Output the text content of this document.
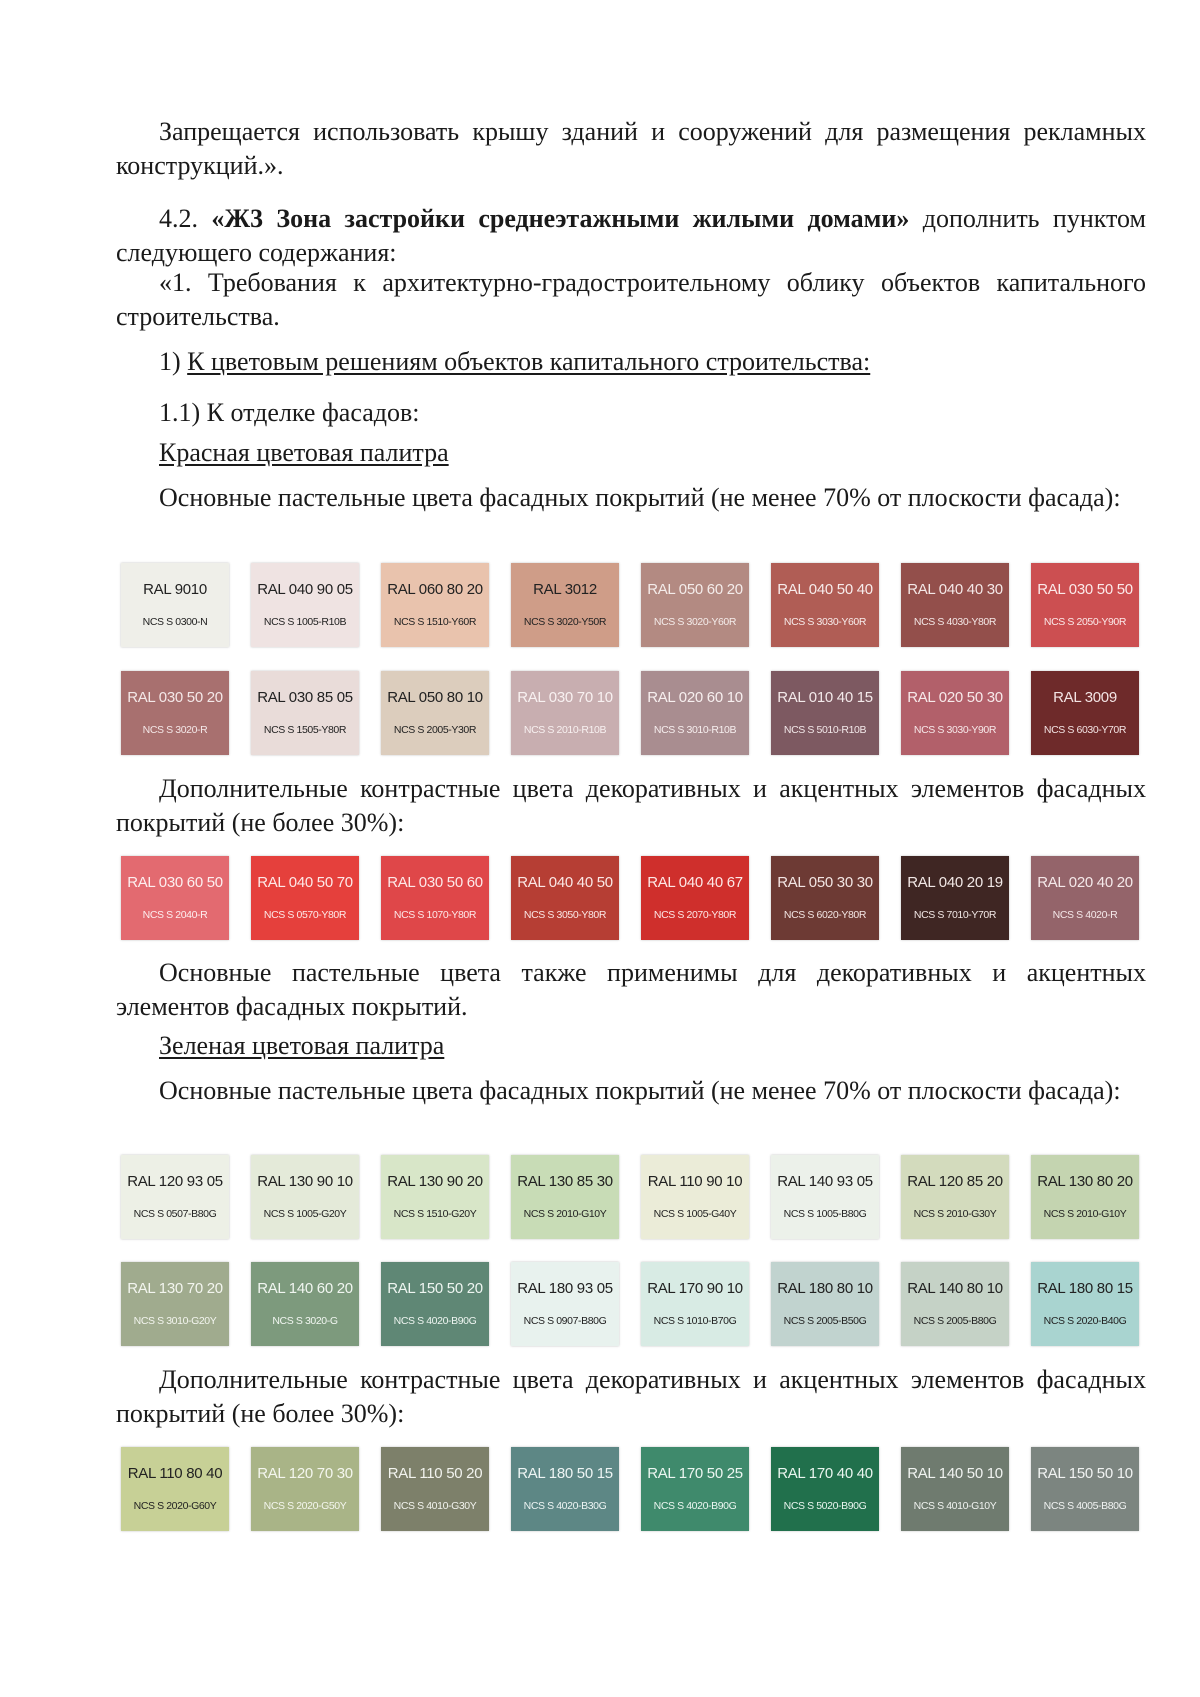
Запрещается использовать крышу зданий и сооружений для размещения рекламных конструкций.».

4.2. «Ж3 Зона застройки среднеэтажными жилыми домами» дополнить пунктом следующего содержания:

«1. Требования к архитектурно-градостроительному облику объектов капитального строительства.

1) К цветовым решениям объектов капитального строительства:

1.1) К отделке фасадов:

Красная цветовая палитра

Основные пастельные цвета фасадных покрытий (не менее 70% от плоскости фасада):

RAL 9010
NCS S 0300-N
RAL 040 90 05
NCS S 1005-R10B
RAL 060 80 20
NCS S 1510-Y60R
RAL 3012
NCS S 3020-Y50R
RAL 050 60 20
NCS S 3020-Y60R
RAL 040 50 40
NCS S 3030-Y60R
RAL 040 40 30
NCS S 4030-Y80R
RAL 030 50 50
NCS S 2050-Y90R
RAL 030 50 20
NCS S 3020-R
RAL 030 85 05
NCS S 1505-Y80R
RAL 050 80 10
NCS S 2005-Y30R
RAL 030 70 10
NCS S 2010-R10B
RAL 020 60 10
NCS S 3010-R10B
RAL 010 40 15
NCS S 5010-R10B
RAL 020 50 30
NCS S 3030-Y90R
RAL 3009
NCS S 6030-Y70R

Дополнительные контрастные цвета декоративных и акцентных элементов фасадных покрытий (не более 30%):

RAL 030 60 50
NCS S 2040-R
RAL 040 50 70
NCS S 0570-Y80R
RAL 030 50 60
NCS S 1070-Y80R
RAL 040 40 50
NCS S 3050-Y80R
RAL 040 40 67
NCS S 2070-Y80R
RAL 050 30 30
NCS S 6020-Y80R
RAL 040 20 19
NCS S 7010-Y70R
RAL 020 40 20
NCS S 4020-R

Основные пастельные цвета также применимы для декоративных и акцентных элементов фасадных покрытий.

Зеленая цветовая палитра

Основные пастельные цвета фасадных покрытий (не менее 70% от плоскости фасада):

RAL 120 93 05
NCS S 0507-B80G
RAL 130 90 10
NCS S 1005-G20Y
RAL 130 90 20
NCS S 1510-G20Y
RAL 130 85 30
NCS S 2010-G10Y
RAL 110 90 10
NCS S 1005-G40Y
RAL 140 93 05
NCS S 1005-B80G
RAL 120 85 20
NCS S 2010-G30Y
RAL 130 80 20
NCS S 2010-G10Y
RAL 130 70 20
NCS S 3010-G20Y
RAL 140 60 20
NCS S 3020-G
RAL 150 50 20
NCS S 4020-B90G
RAL 180 93 05
NCS S 0907-B80G
RAL 170 90 10
NCS S 1010-B70G
RAL 180 80 10
NCS S 2005-B50G
RAL 140 80 10
NCS S 2005-B80G
RAL 180 80 15
NCS S 2020-B40G

Дополнительные контрастные цвета декоративных и акцентных элементов фасадных покрытий (не более 30%):

RAL 110 80 40
NCS S 2020-G60Y
RAL 120 70 30
NCS S 2020-G50Y
RAL 110 50 20
NCS S 4010-G30Y
RAL 180 50 15
NCS S 4020-B30G
RAL 170 50 25
NCS S 4020-B90G
RAL 170 40 40
NCS S 5020-B90G
RAL 140 50 10
NCS S 4010-G10Y
RAL 150 50 10
NCS S 4005-B80G
